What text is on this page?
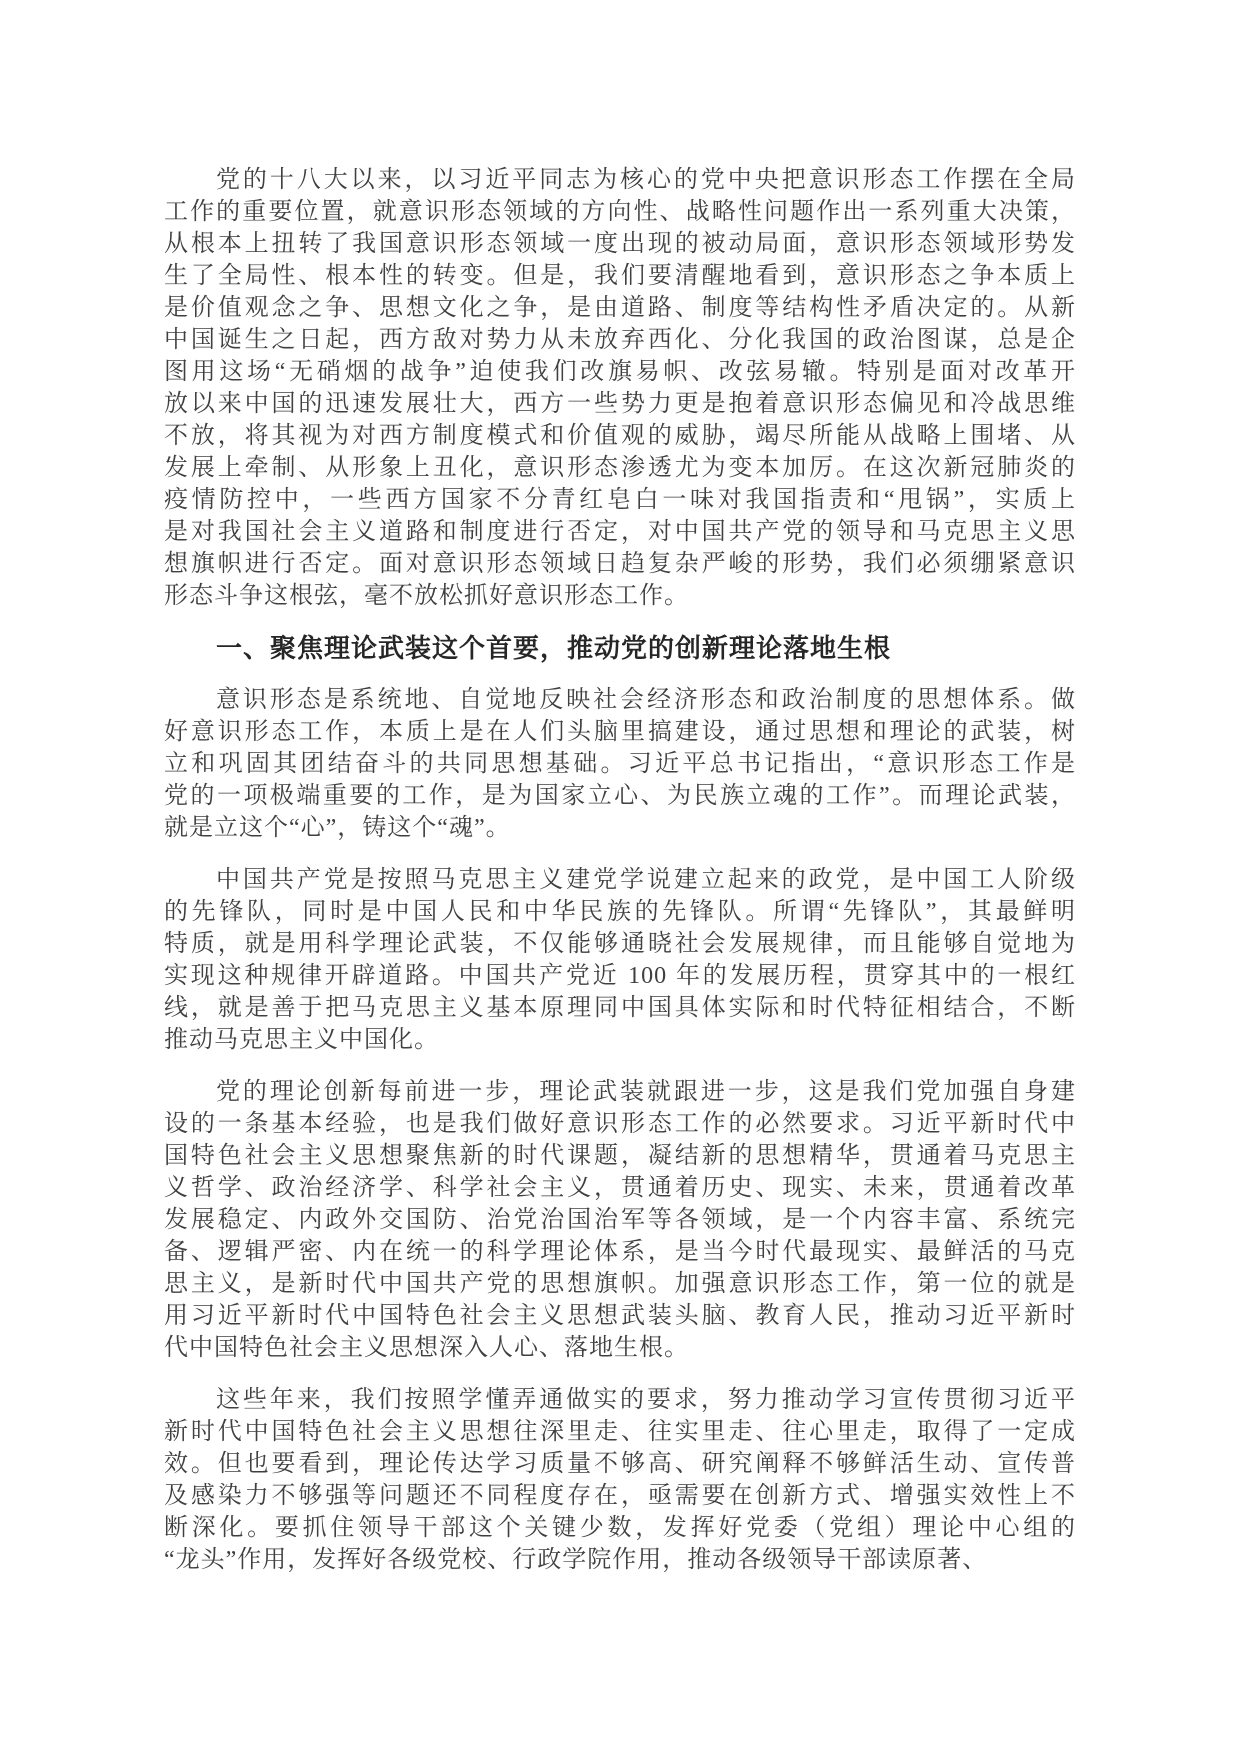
党的十八大以来，以习近平同志为核心的党中央把意识形态工作摆在全局
工作的重要位置，就意识形态领域的方向性、战略性问题作出一系列重大决策，
从根本上扭转了我国意识形态领域一度出现的被动局面，意识形态领域形势发
生了全局性、根本性的转变。但是，我们要清醒地看到，意识形态之争本质上
是价值观念之争、思想文化之争，是由道路、制度等结构性矛盾决定的。从新
中国诞生之日起，西方敌对势力从未放弃西化、分化我国的政治图谋，总是企
图用这场“无硝烟的战争”迫使我们改旗易帜、改弦易辙。特别是面对改革开
放以来中国的迅速发展壮大，西方一些势力更是抱着意识形态偏见和冷战思维
不放，将其视为对西方制度模式和价值观的威胁，竭尽所能从战略上围堵、从
发展上牵制、从形象上丑化，意识形态渗透尤为变本加厉。在这次新冠肺炎的
疫情防控中，一些西方国家不分青红皂白一味对我国指责和“甩锅”，实质上
是对我国社会主义道路和制度进行否定，对中国共产党的领导和马克思主义思
想旗帜进行否定。面对意识形态领域日趋复杂严峻的形势，我们必须绷紧意识
形态斗争这根弦，毫不放松抓好意识形态工作。
一、聚焦理论武装这个首要，推动党的创新理论落地生根
意识形态是系统地、自觉地反映社会经济形态和政治制度的思想体系。做
好意识形态工作，本质上是在人们头脑里搞建设，通过思想和理论的武装，树
立和巩固其团结奋斗的共同思想基础。习近平总书记指出，“意识形态工作是
党的一项极端重要的工作，是为国家立心、为民族立魂的工作”。而理论武装，
就是立这个“心”，铸这个“魂”。
中国共产党是按照马克思主义建党学说建立起来的政党，是中国工人阶级
的先锋队，同时是中国人民和中华民族的先锋队。所谓“先锋队”，其最鲜明
特质，就是用科学理论武装，不仅能够通晓社会发展规律，而且能够自觉地为
实现这种规律开辟道路。中国共产党近 100 年的发展历程，贯穿其中的一根红
线，就是善于把马克思主义基本原理同中国具体实际和时代特征相结合，不断
推动马克思主义中国化。
党的理论创新每前进一步，理论武装就跟进一步，这是我们党加强自身建
设的一条基本经验，也是我们做好意识形态工作的必然要求。习近平新时代中
国特色社会主义思想聚焦新的时代课题，凝结新的思想精华，贯通着马克思主
义哲学、政治经济学、科学社会主义，贯通着历史、现实、未来，贯通着改革
发展稳定、内政外交国防、治党治国治军等各领域，是一个内容丰富、系统完
备、逻辑严密、内在统一的科学理论体系，是当今时代最现实、最鲜活的马克
思主义，是新时代中国共产党的思想旗帜。加强意识形态工作，第一位的就是
用习近平新时代中国特色社会主义思想武装头脑、教育人民，推动习近平新时
代中国特色社会主义思想深入人心、落地生根。
这些年来，我们按照学懂弄通做实的要求，努力推动学习宣传贯彻习近平
新时代中国特色社会主义思想往深里走、往实里走、往心里走，取得了一定成
效。但也要看到，理论传达学习质量不够高、研究阐释不够鲜活生动、宣传普
及感染力不够强等问题还不同程度存在，亟需要在创新方式、增强实效性上不
断深化。要抓住领导干部这个关键少数，发挥好党委（党组）理论中心组的
“龙头”作用，发挥好各级党校、行政学院作用，推动各级领导干部读原著、
